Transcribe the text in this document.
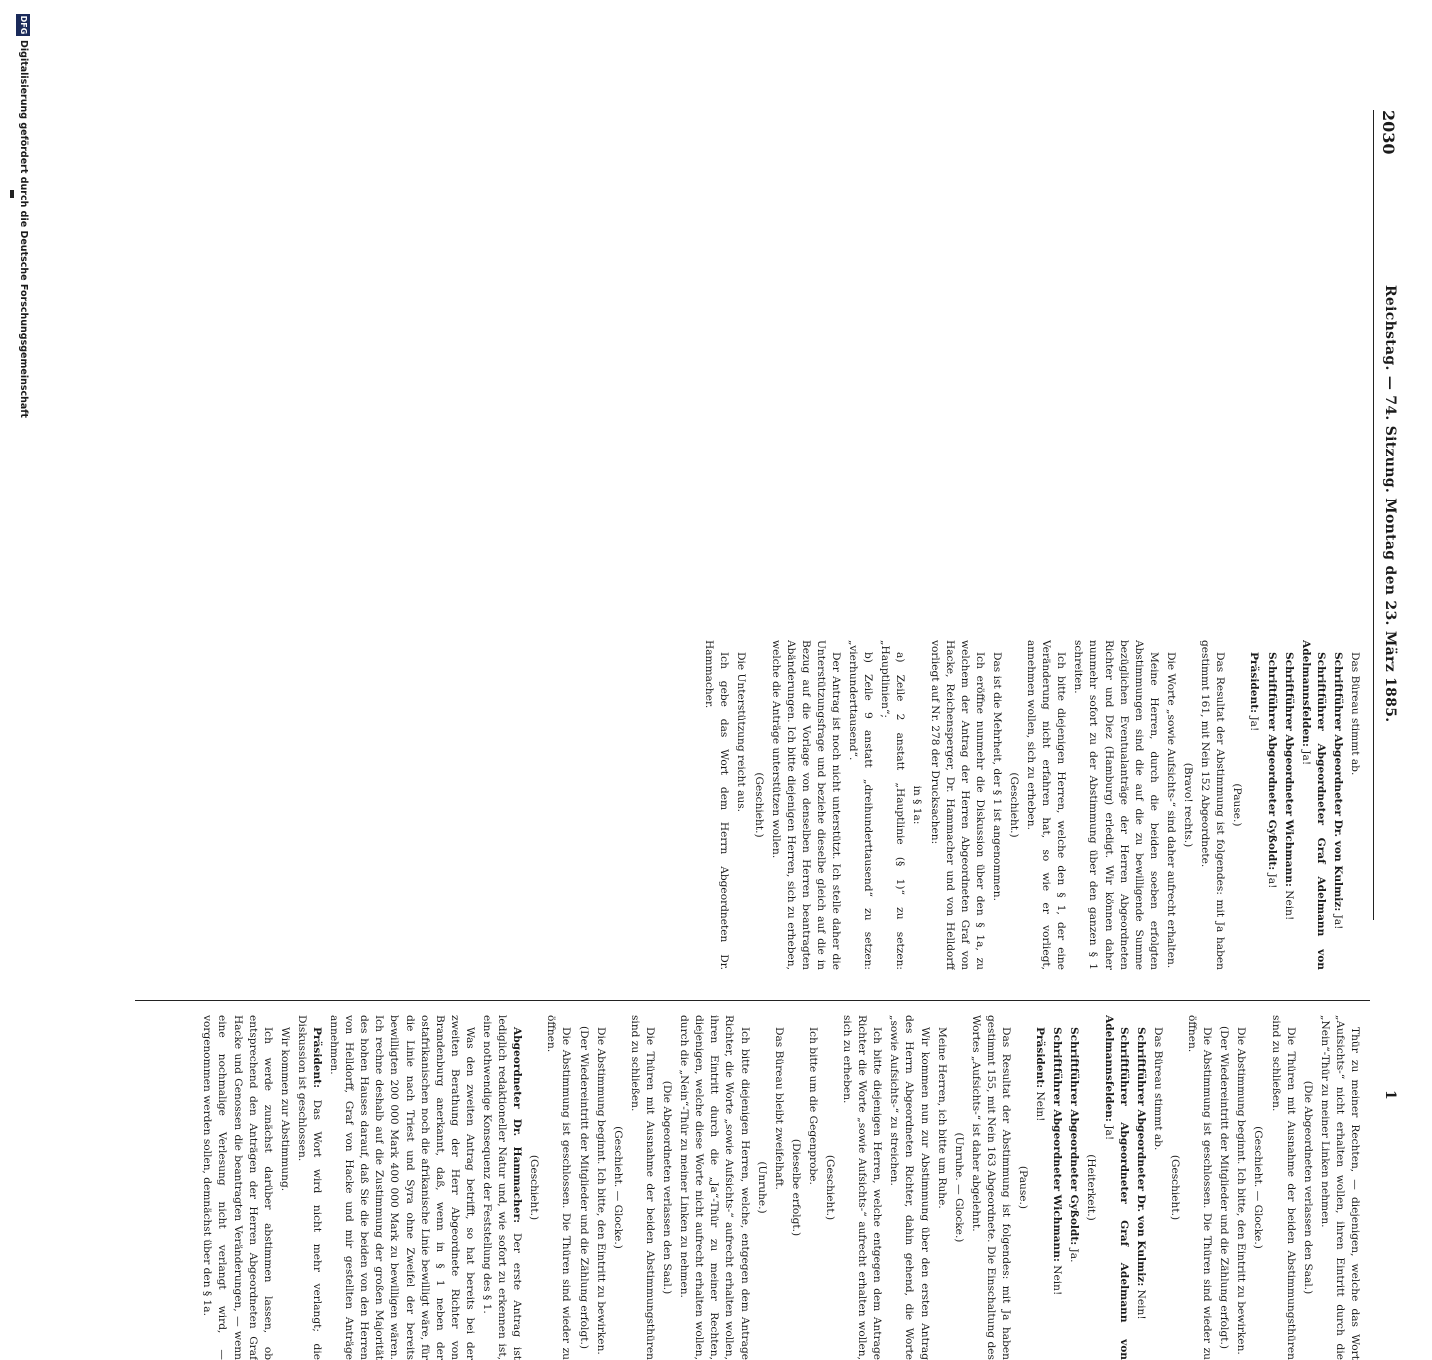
2030
Reichstag. — 74. Sitzung. Montag den 23. März 1885.
1

Das Büreau stimmt ab.

Schriftführer Abgeordneter Dr. von Kulmiz: Ja!

Schriftführer Abgeordneter Graf Adelmann von Adelmannsfelden: Ja!

Schriftführer Abgeordneter Wichmann: Nein!

Schriftführer Abgeordneter Gyßoldt: Ja!

Präsident: Ja!

(Pause.)

Das Resultat der Abstimmung ist folgendes: mit Ja haben gestimmt 161, mit Nein 152 Abgeordnete.

(Bravo! rechts.)

Die Worte „sowie Aufsichts-“ sind daher aufrecht erhalten.

Meine Herren, durch die beiden soeben erfolgten Abstimmungen sind die auf die zu bewilligende Summe bezüglichen Eventualanträge der Herren Abgeordneten Richter und Diez (Hamburg) erledigt. Wir können daher nunmehr sofort zu der Abstimmung über den ganzen § 1 schreiten.

Ich bitte diejenigen Herren, welche den § 1, der eine Veränderung nicht erfahren hat, so wie er vorliegt, annehmen wollen, sich zu erheben.

(Geschieht.)

Das ist die Mehrheit, der § 1 ist angenommen.

Ich eröffne nunmehr die Diskussion über den § 1a, zu welchem der Antrag der Herren Abgeordneten Graf von Hacke, Reichensperger, Dr. Hammacher und von Helldorff vorliegt auf Nr. 278 der Drucksachen:

in § 1a:

a) Zeile 2 anstatt „Hauptlinie (§ 1)“ zu setzen: „Hauptlinien“;

b) Zeile 9 anstatt „dreihunderttausend“ zu setzen: „vierhunderttausend“.

Der Antrag ist noch nicht unterstützt. Ich stelle daher die Unterstützungsfrage und beziehe dieselbe gleich auf die in Bezug auf die Vorlage von denselben Herren beantragten Abänderungen. Ich bitte diejenigen Herren, sich zu erheben, welche die Anträge unterstützen wollen.

(Geschieht.)

Die Unterstützung reicht aus.

Ich gebe das Wort dem Herrn Abgeordneten Dr. Hammacher.

Thür zu meiner Rechten, — diejenigen, welche das Wort „Aufsichts-“ nicht erhalten wollen, ihren Eintritt durch die „Nein“-Thür zu meiner Linken nehmen.

(Die Abgeordneten verlassen den Saal.)

Die Thüren mit Ausnahme der beiden Abstimmungsthüren sind zu schließen.

(Geschieht. — Glocke.)

Die Abstimmung beginnt. Ich bitte, den Eintritt zu bewirken.

(Der Wiedereintritt der Mitglieder und die Zählung erfolgt.)

Die Abstimmung ist geschlossen. Die Thüren sind wieder zu öffnen.

(Geschieht.)

Das Büreau stimmt ab.

Schriftführer Abgeordneter Dr. von Kulmiz: Nein!

Schriftführer Abgeordneter Graf Adelmann von Adelmannsfelden: Ja!

(Heiterkeit.)

Schriftführer Abgeordneter Gyßoldt: Ja.

Schriftführer Abgeordneter Wichmann: Nein!

Präsident: Nein!

(Pause.)

Das Resultat der Abstimmung ist folgendes: mit Ja haben gestimmt 155, mit Nein 163 Abgeordnete. Die Einschaltung des Wortes „Aufsichts-“ ist daher abgelehnt.

(Unruhe. — Glocke.)

Meine Herren, ich bitte um Ruhe.

Wir kommen nun zur Abstimmung über den ersten Antrag des Herrn Abgeordneten Richter, dahin gehend, die Worte „sowie Aufsichts-“ zu streichen.

Ich bitte diejenigen Herren, welche entgegen dem Antrage Richter die Worte „sowie Aufsichts-“ aufrecht erhalten wollen, sich zu erheben.

(Geschieht.)

Ich bitte um die Gegenprobe.

(Dieselbe erfolgt.)

Das Büreau bleibt zweifelhaft.

(Unruhe.)

Ich bitte diejenigen Herren, welche, entgegen dem Antrage Richter, die Worte „sowie Aufsichts-“ aufrecht erhalten wollen, ihren Eintritt durch die „Ja“-Thür zu meiner Rechten, diejenigen, welche diese Worte nicht aufrecht erhalten wollen, durch die „Nein“-Thür zu meiner Linken zu nehmen.

(Die Abgeordneten verlassen den Saal.)

Die Thüren mit Ausnahme der beiden Abstimmungsthüren sind zu schließen.

(Geschieht. — Glocke.)

Die Abstimmung beginnt. Ich bitte, den Eintritt zu bewirken.

(Der Wiedereintritt der Mitglieder und die Zählung erfolgt.)

Die Abstimmung ist geschlossen. Die Thüren sind wieder zu öffnen.

(Geschieht.)

Abgeordneter Dr. Hammacher: Der erste Antrag ist lediglich redaktioneller Natur und, wie sofort zu erkennen ist, eine nothwendige Konsequenz der Feststellung des § 1.

Was den zweiten Antrag betrifft, so hat bereits bei der zweiten Berathung der Herr Abgeordnete Richter von Brandenburg anerkannt, daß, wenn in § 1 neben der ostafrikanischen noch die afrikanische Linie bewilligt wäre, für die Linie nach Triest und Syra ohne Zweifel der bereits bewilligten 200 000 Mark 400 000 Mark zu bewilligen wären. Ich rechne deshalb auf die Zustimmung der großen Majorität des hohen Hauses darauf, daß Sie die beiden von den Herren von Helldorff, Graf von Hacke und mir gestellten Anträge annehmen.

Präsident: Das Wort wird nicht mehr verlangt; die Diskussion ist geschlossen.

Wir kommen zur Abstimmung.

Ich werde zunächst darüber abstimmen lassen, ob entsprechend den Anträgen der Herren Abgeordneten Graf Hacke und Genossen die beantragten Veränderungen, — wenn eine nochmalige Verlesung nicht verlangt wird, — vorgenommen werden sollen, demnächst über den § 1a.

DFG
Digitalisierung gefördert durch die Deutsche Forschungsgemeinschaft
